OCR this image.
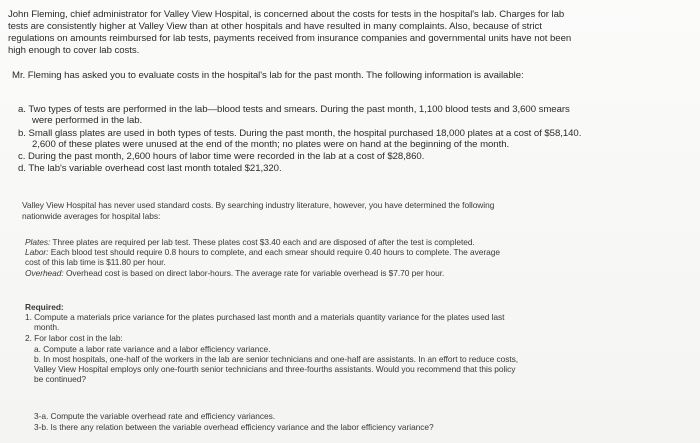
John Fleming, chief administrator for Valley View Hospital, is concerned about the costs for tests in the hospital's lab. Charges for lab
tests are consistently higher at Valley View than at other hospitals and have resulted in many complaints. Also, because of strict
regulations on amounts reimbursed for lab tests, payments received from insurance companies and governmental units have not been
high enough to cover lab costs.
Mr. Fleming has asked you to evaluate costs in the hospital's lab for the past month. The following information is available:
a. Two types of tests are performed in the lab—blood tests and smears. During the past month, 1,100 blood tests and 3,600 smears
were performed in the lab.
b. Small glass plates are used in both types of tests. During the past month, the hospital purchased 18,000 plates at a cost of $58,140.
2,600 of these plates were unused at the end of the month; no plates were on hand at the beginning of the month.
c. During the past month, 2,600 hours of labor time were recorded in the lab at a cost of $28,860.
d. The lab's variable overhead cost last month totaled $21,320.
Valley View Hospital has never used standard costs. By searching industry literature, however, you have determined the following
nationwide averages for hospital labs:
Plates: Three plates are required per lab test. These plates cost $3.40 each and are disposed of after the test is completed.
Labor: Each blood test should require 0.8 hours to complete, and each smear should require 0.40 hours to complete. The average
cost of this lab time is $11.80 per hour.
Overhead: Overhead cost is based on direct labor-hours. The average rate for variable overhead is $7.70 per hour.
Required:
1. Compute a materials price variance for the plates purchased last month and a materials quantity variance for the plates used last
month.
2. For labor cost in the lab:
a. Compute a labor rate variance and a labor efficiency variance.
b. In most hospitals, one-half of the workers in the lab are senior technicians and one-half are assistants. In an effort to reduce costs,
Valley View Hospital employs only one-fourth senior technicians and three-fourths assistants. Would you recommend that this policy
be continued?
3-a. Compute the variable overhead rate and efficiency variances.
3-b. Is there any relation between the variable overhead efficiency variance and the labor efficiency variance?
